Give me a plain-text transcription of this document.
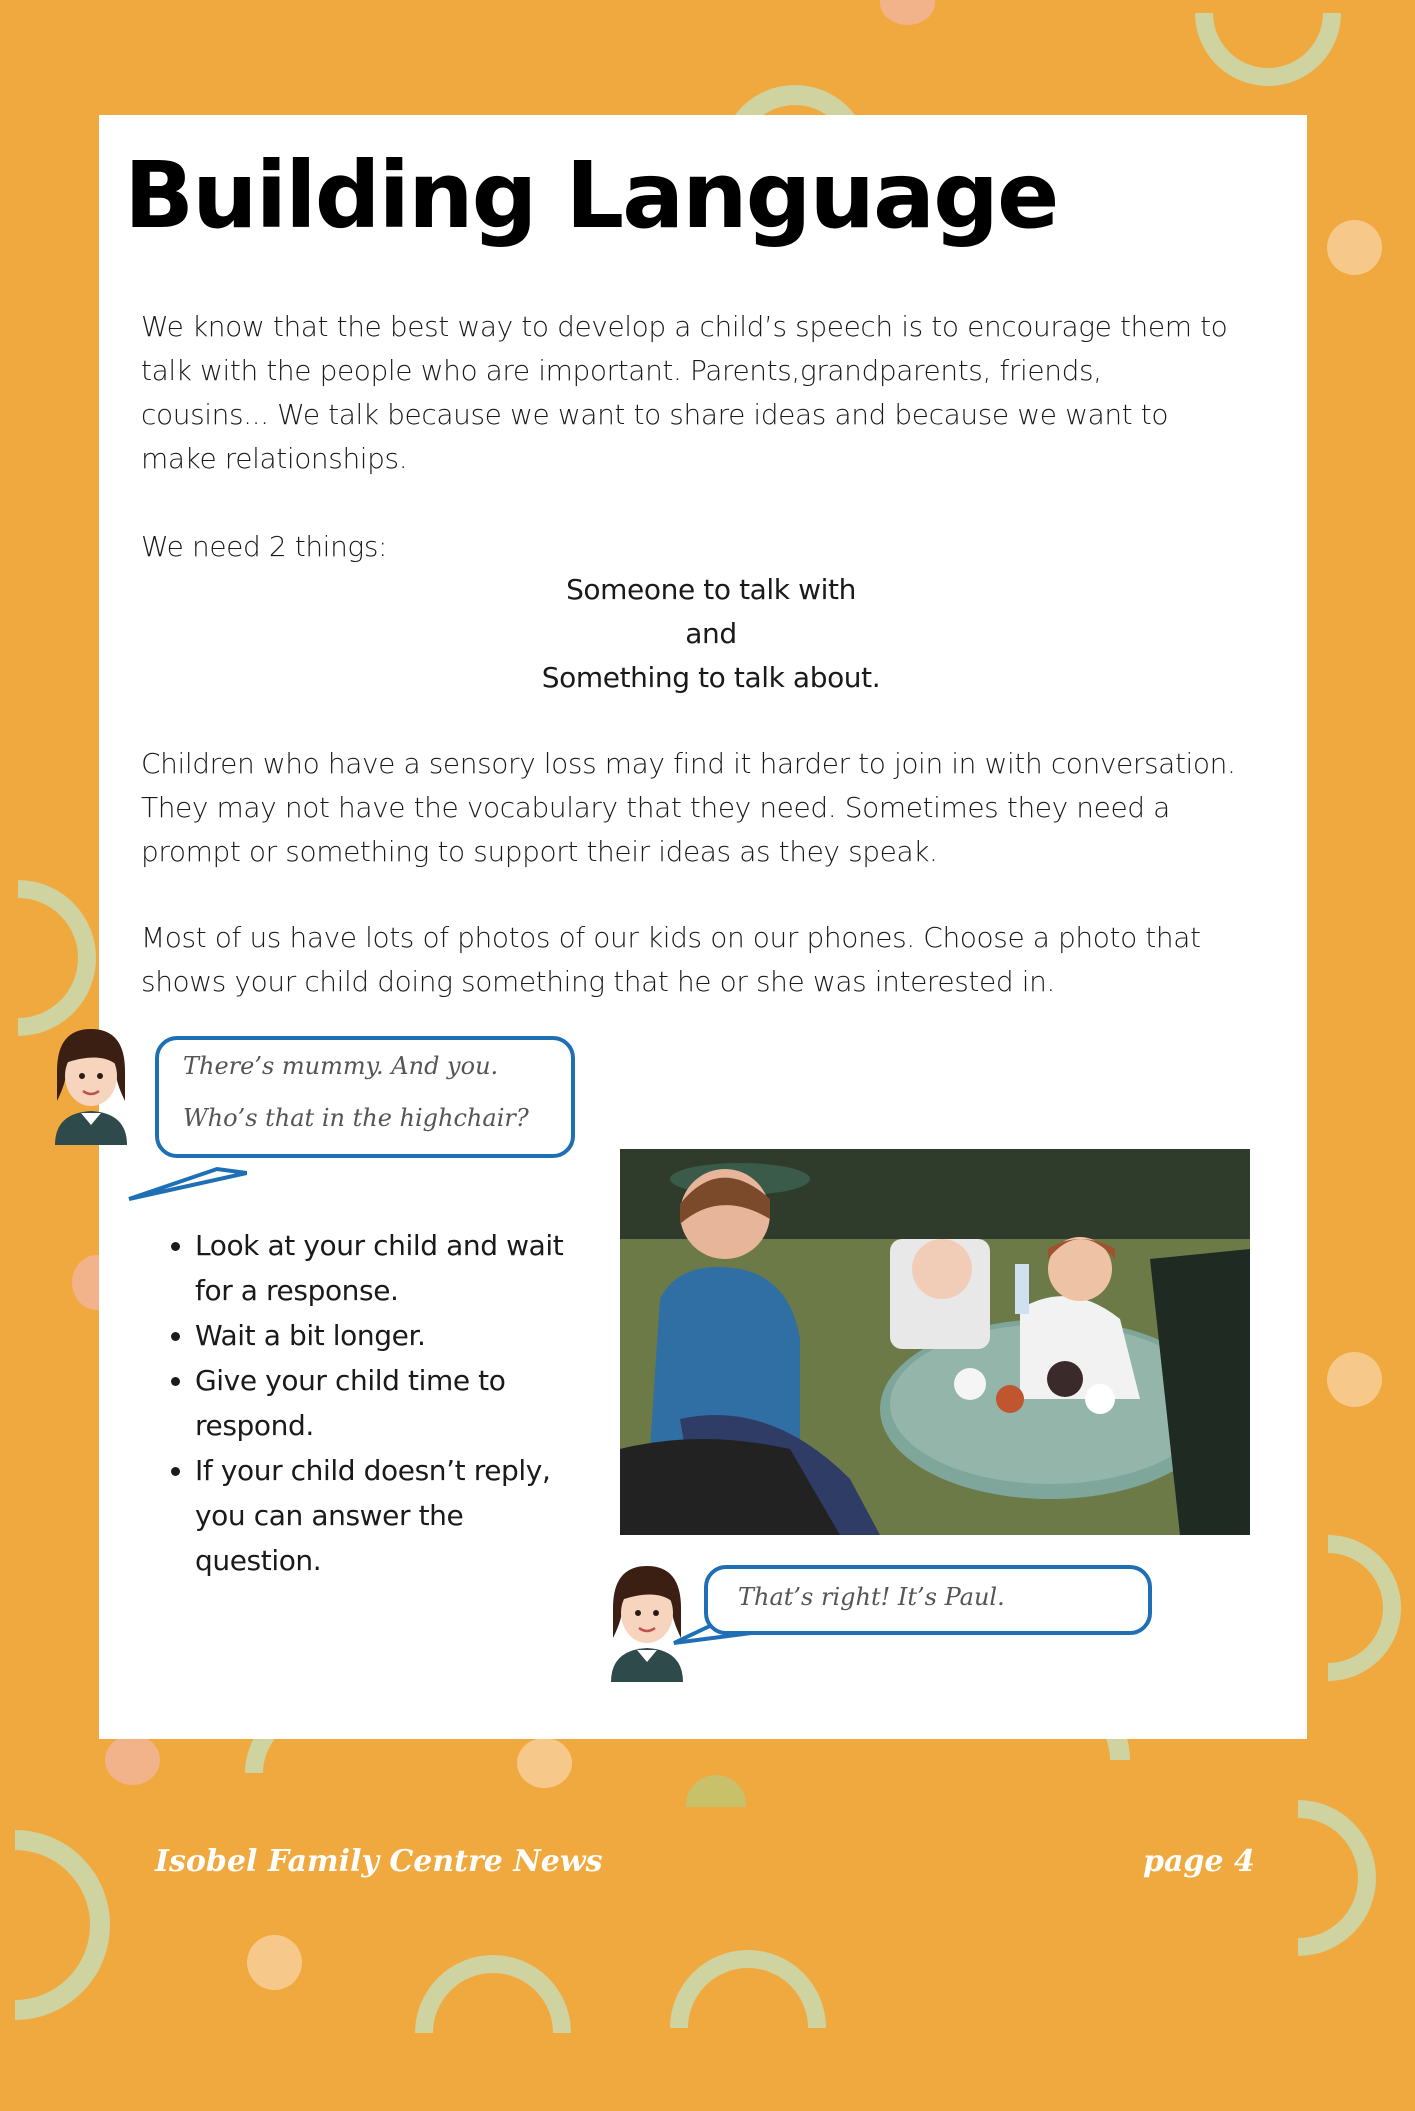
Building Language
We know that the best way to develop a child’s speech is to encourage them to
talk with the people who are important. Parents,grandparents, friends,
cousins... We talk because we want to share ideas and because we want to
make relationships.
We need 2 things:
Someone to talk with
and
Something to talk about.
Children who have a sensory loss may find it harder to join in with conversation.
They may not have the vocabulary that they need. Sometimes they need a
prompt or something to support their ideas as they speak.
Most of us have lots of photos of our kids on our phones. Choose a photo that
shows your child doing something that he or she was interested in.
• Look at your child and wait
for a response.
• Wait a bit longer.
• Give your child time to
respond.
• If your child doesn’t reply,
you can answer the
question.
There’s mummy. And you.
Who’s that in the highchair?
That’s right! It’s Paul.
Isobel Family Centre News	page 4
